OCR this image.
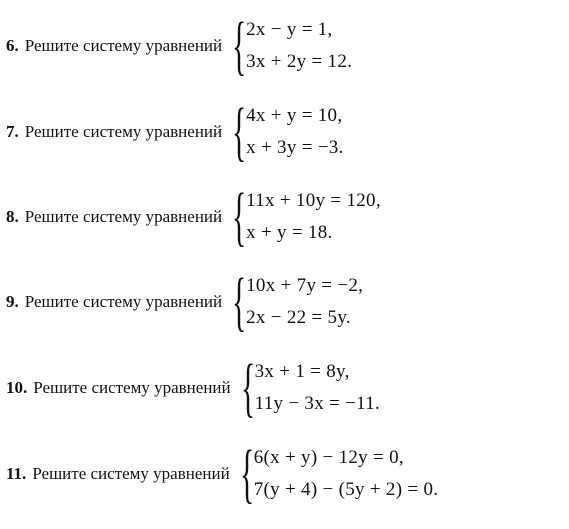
6. Решите систему уравнений { 2x − y = 1,
3x + 2y = 12.
7. Решите систему уравнений { 4x + y = 10,
x + 3y = −3.
8. Решите систему уравнений { 11x + 10y = 120,
x + y = 18.
9. Решите систему уравнений { 10x + 7y = −2,
2x − 22 = 5y.
10. Решите систему уравнений { 3x + 1 = 8y,
11y − 3x = −11.
11. Решите систему уравнений { 6(x + y) − 12y = 0,
7(y + 4) − (5y + 2) = 0.
